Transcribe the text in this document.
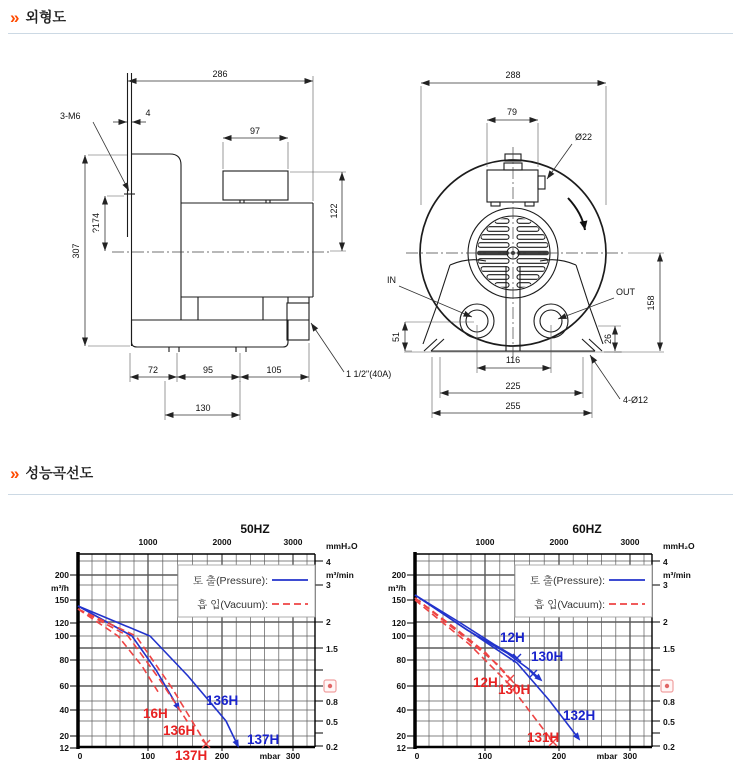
» 외형도
286
4
3-M6
97
122
?174
307
72	95	105
130
1 1/2"(40A)
288
79
Ø22
IN
OUT
51
116
225
255
26
158
4-Ø12
» 성능곡선도
200
m³/h
150
120
100
80
60
40
20
12
mmH₂O
4
m³/min
3
2
1.5
0.8
0.5
0.2
1000	2000	3000
0	100	200	mbar 300
50HZ
136H
137H
16H
136H
137H
토 출(Pressure):
흡 입(Vacuum):
200
m³/h
150
120
100
80
60
40
20
12
mmH₂O
4
m³/min
3
2
1.5
0.8
0.5
0.2
1000	2000	3000
0	100	200	mbar 300
60HZ
12H
130H
132H
12H 130H
131H
토 출(Pressure):
흡 입(Vacuum):
